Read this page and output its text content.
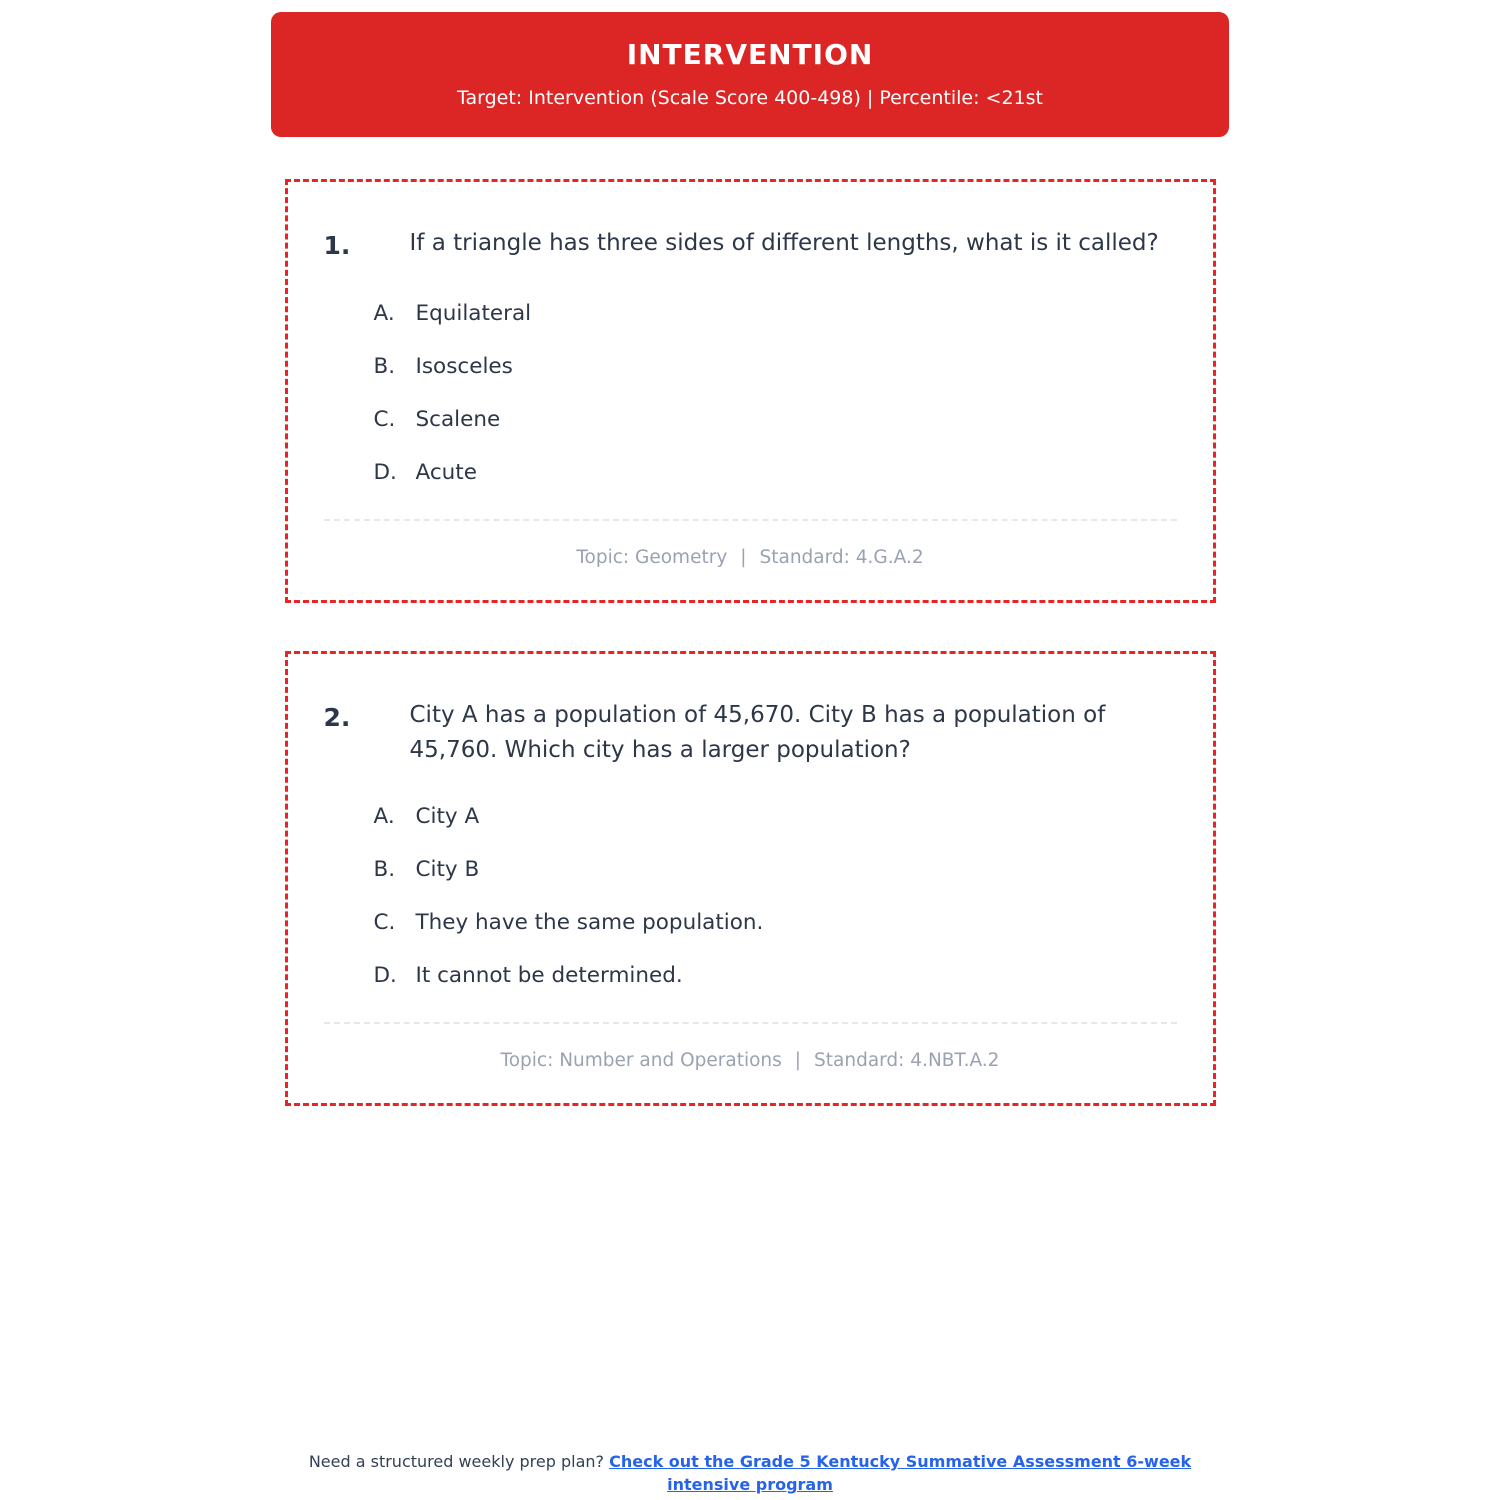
INTERVENTION
Target: Intervention (Scale Score 400-498) | Percentile: <21st
1.	If a triangle has three sides of different lengths, what is it called?
A. Equilateral
B. Isosceles
C. Scalene
D. Acute
Topic: Geometry | Standard: 4.G.A.2
2.	City A has a population of 45,670. City B has a population of 45,760. Which city has a larger population?
A. City A
B. City B
C. They have the same population.
D. It cannot be determined.
Topic: Number and Operations | Standard: 4.NBT.A.2
Need a structured weekly prep plan? Check out the Grade 5 Kentucky Summative Assessment 6-week intensive program
